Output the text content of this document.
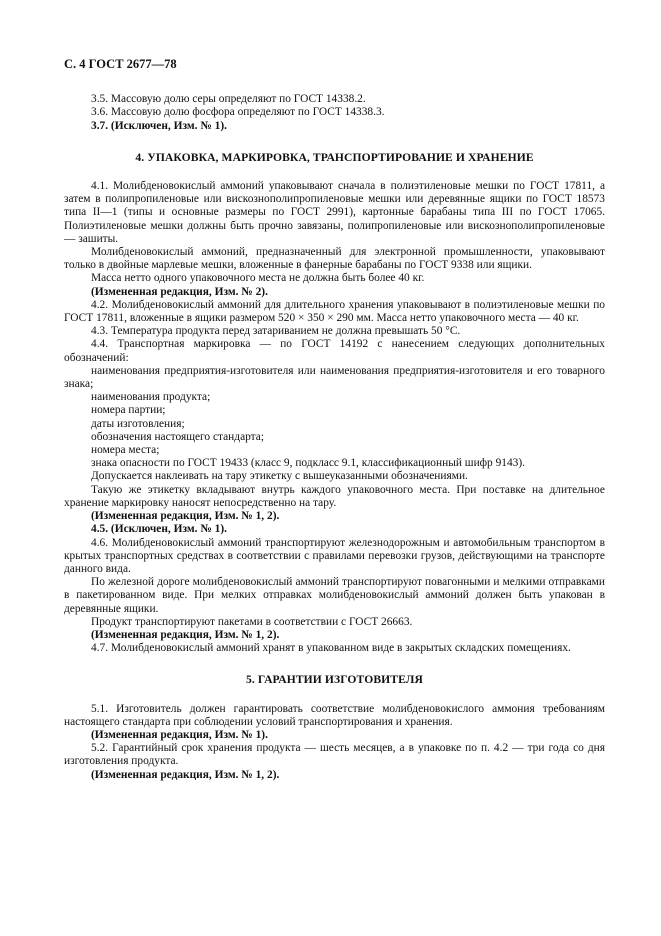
С. 4 ГОСТ 2677—78

3.5. Массовую долю серы определяют по ГОСТ 14338.2.

3.6. Массовую долю фосфора определяют по ГОСТ 14338.3.

3.7. (Исключен, Изм. № 1).

4. УПАКОВКА, МАРКИРОВКА, ТРАНСПОРТИРОВАНИЕ И ХРАНЕНИЕ

4.1. Молибденовокислый аммоний упаковывают сначала в полиэтиленовые мешки по ГОСТ 17811, а затем в полипропиленовые или вискознополипропиленовые мешки или деревянные ящики по ГОСТ 18573 типа II—1 (типы и основные размеры по ГОСТ 2991), картонные барабаны типа III по ГОСТ 17065. Полиэтиленовые мешки должны быть прочно завязаны, полипропиленовые или вискознополипропиленовые — зашиты.

Молибденовокислый аммоний, предназначенный для электронной промышленности, упаковывают только в двойные марлевые мешки, вложенные в фанерные барабаны по ГОСТ 9338 или ящики.

Масса нетто одного упаковочного места не должна быть более 40 кг.

(Измененная редакция, Изм. № 2).

4.2. Молибденовокислый аммоний для длительного хранения упаковывают в полиэтиленовые мешки по ГОСТ 17811, вложенные в ящики размером 520 × 350 × 290 мм. Масса нетто упаковочного места — 40 кг.

4.3. Температура продукта перед затариванием не должна превышать 50 °С.

4.4. Транспортная маркировка — по ГОСТ 14192 с нанесением следующих дополнительных обозначений:

наименования предприятия-изготовителя или наименования предприятия-изготовителя и его товарного знака;

наименования продукта;

номера партии;

даты изготовления;

обозначения настоящего стандарта;

номера места;

знака опасности по ГОСТ 19433 (класс 9, подкласс 9.1, классификационный шифр 9143).

Допускается наклеивать на тару этикетку с вышеуказанными обозначениями.

Такую же этикетку вкладывают внутрь каждого упаковочного места. При поставке на длительное хранение маркировку наносят непосредственно на тару.

(Измененная редакция, Изм. № 1, 2).

4.5. (Исключен, Изм. № 1).

4.6. Молибденовокислый аммоний транспортируют железнодорожным и автомобильным транспортом в крытых транспортных средствах в соответствии с правилами перевозки грузов, действующими на транспорте данного вида.

По железной дороге молибденовокислый аммоний транспортируют повагонными и мелкими отправками в пакетированном виде. При мелких отправках молибденовокислый аммоний должен быть упакован в деревянные ящики.

Продукт транспортируют пакетами в соответствии с ГОСТ 26663.

(Измененная редакция, Изм. № 1, 2).

4.7. Молибденовокислый аммоний хранят в упакованном виде в закрытых складских помещениях.

5. ГАРАНТИИ ИЗГОТОВИТЕЛЯ

5.1. Изготовитель должен гарантировать соответствие молибденовокислого аммония требованиям настоящего стандарта при соблюдении условий транспортирования и хранения.

(Измененная редакция, Изм. № 1).

5.2. Гарантийный срок хранения продукта — шесть месяцев, а в упаковке по п. 4.2 — три года со дня изготовления продукта.

(Измененная редакция, Изм. № 1, 2).
